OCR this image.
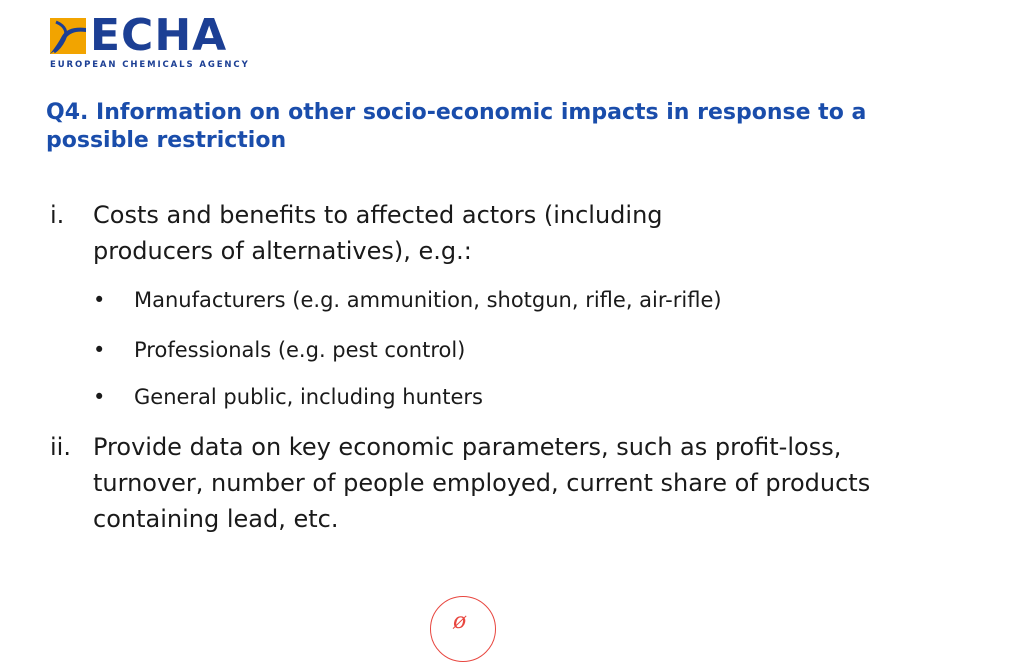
ECHA
EUROPEAN CHEMICALS AGENCY
Q4. Information on other socio-economic impacts in response to a possible restriction
i. Costs and benefits to affected actors (including producers of alternatives), e.g.:
• Manufacturers (e.g. ammunition, shotgun, rifle, air-rifle)
• Professionals (e.g. pest control)
• General public, including hunters
ii. Provide data on key economic parameters, such as profit-loss, turnover, number of people employed, current share of products containing lead, etc.
ø
